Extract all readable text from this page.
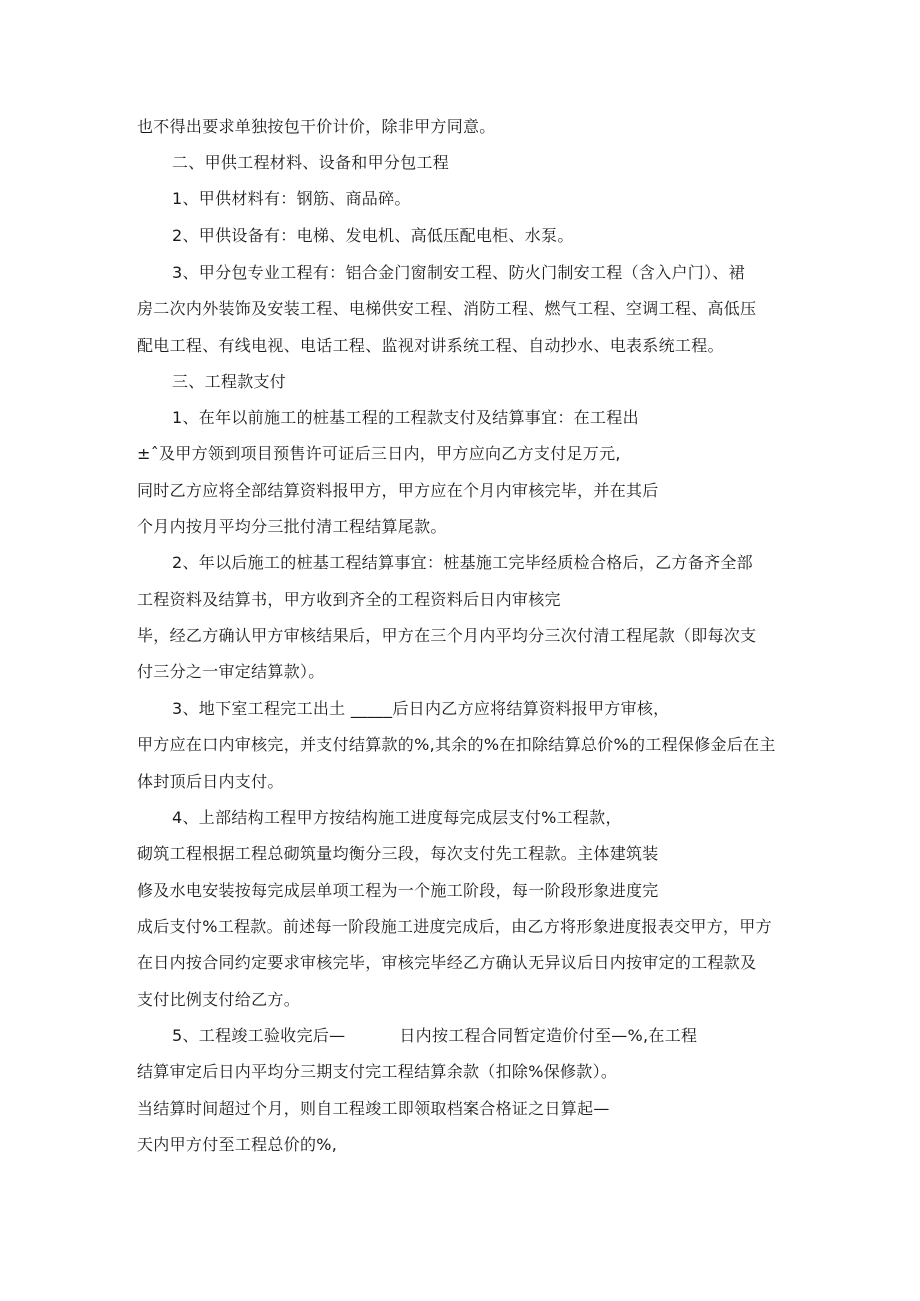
也不得出要求单独按包干价计价，除非甲方同意。
二、甲供工程材料、设备和甲分包工程
1、甲供材料有：钢筋、商品碎。
2、甲供设备有：电梯、发电机、高低压配电柜、水泵。
3、甲分包专业工程有：铝合金门窗制安工程、防火门制安工程（含入户门）、裙
房二次内外装饰及安装工程、电梯供安工程、消防工程、燃气工程、空调工程、高低压
配电工程、有线电视、电话工程、监视对讲系统工程、自动抄水、电表系统工程。
三、工程款支付
1、在年以前施工的桩基工程的工程款支付及结算事宜：在工程出
±ˆ及甲方领到项目预售许可证后三日内，甲方应向乙方支付足万元,
同时乙方应将全部结算资料报甲方，甲方应在个月内审核完毕，并在其后
个月内按月平均分三批付清工程结算尾款。
2、年以后施工的桩基工程结算事宜：桩基施工完毕经质检合格后，乙方备齐全部
工程资料及结算书，甲方收到齐全的工程资料后日内审核完
毕，经乙方确认甲方审核结果后，甲方在三个月内平均分三次付清工程尾款（即每次支
付三分之一审定结算款）。
3、地下室工程完工出土 _____后日内乙方应将结算资料报甲方审核，
甲方应在口内审核完，并支付结算款的%,其余的%在扣除结算总价%的工程保修金后在主
体封顶后日内支付。
4、上部结构工程甲方按结构施工进度每完成层支付%工程款，
砌筑工程根据工程总砌筑量均衡分三段，每次支付先工程款。主体建筑装
修及水电安装按每完成层单项工程为一个施工阶段，每一阶段形象进度完
成后支付%工程款。前述每一阶段施工进度完成后，由乙方将形象进度报表交甲方，甲方
在日内按合同约定要求审核完毕，审核完毕经乙方确认无异议后日内按审定的工程款及
支付比例支付给乙方。
5、工程竣工验收完后—          日内按工程合同暂定造价付至—%,在工程
结算审定后日内平均分三期支付完工程结算余款（扣除%保修款）。
当结算时间超过个月，则自工程竣工即领取档案合格证之日算起—
天内甲方付至工程总价的%,
